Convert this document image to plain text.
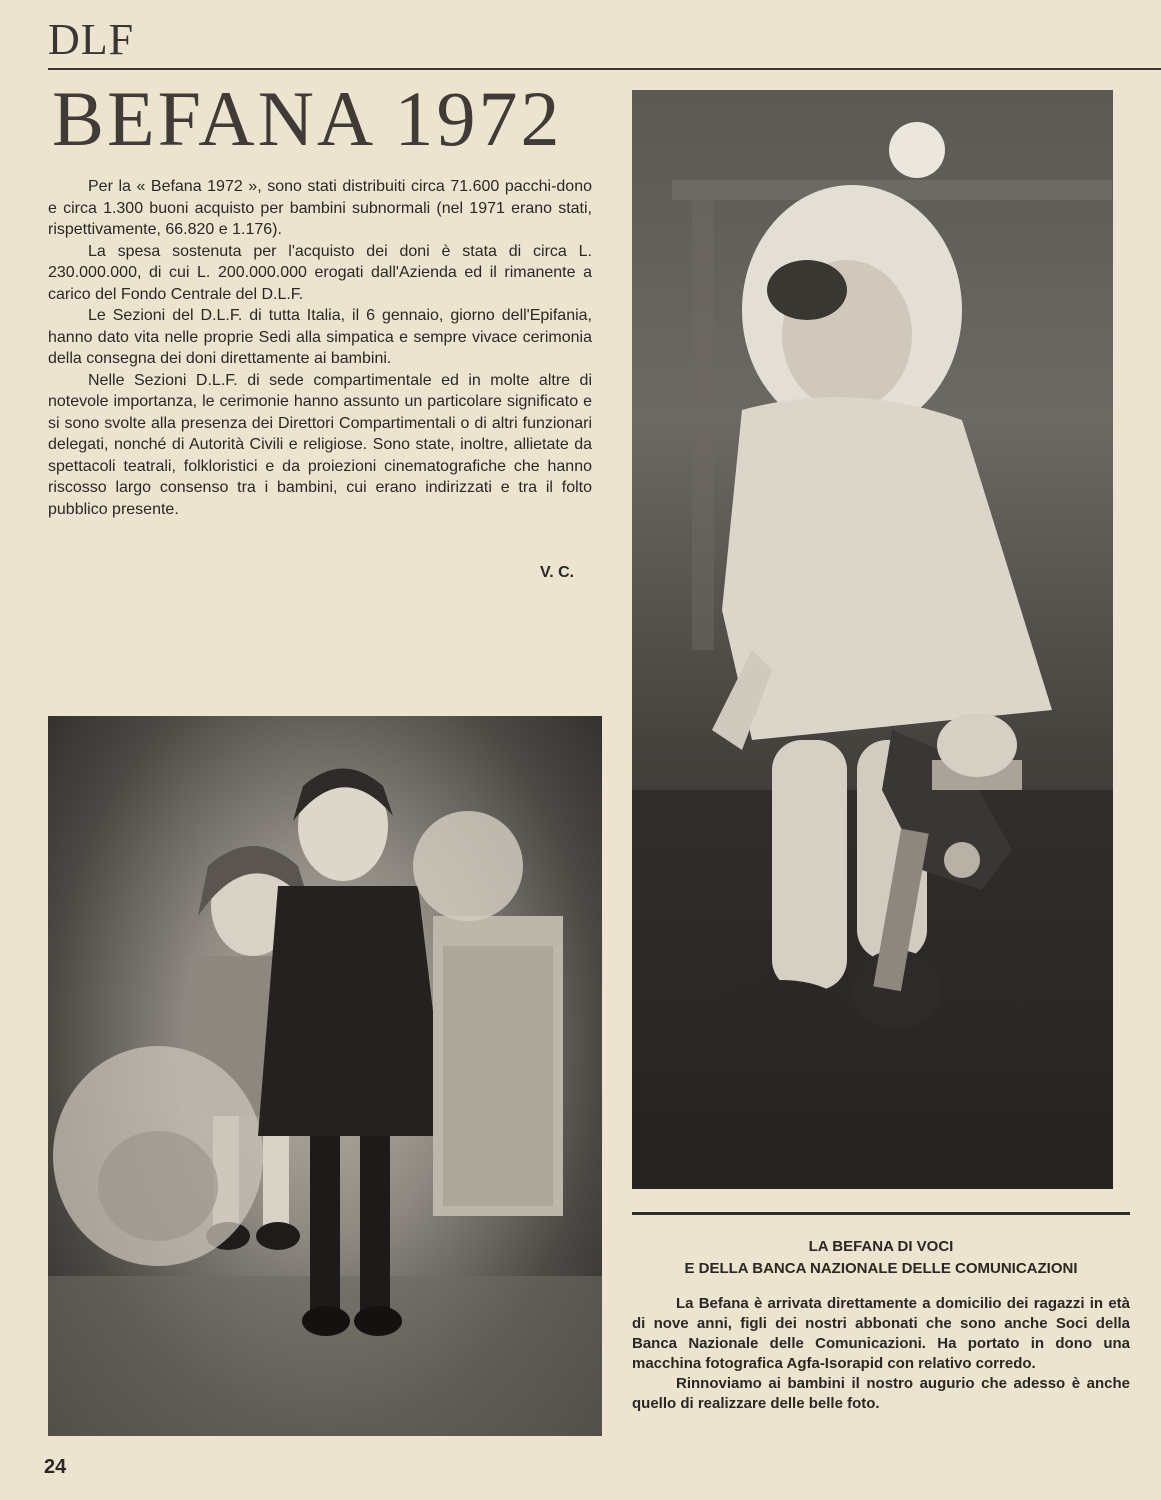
DLF
BEFANA 1972

Per la « Befana 1972 », sono stati distribuiti circa 71.600 pacchi-dono e circa 1.300 buoni acquisto per bambini subnormali (nel 1971 erano stati, rispettivamente, 66.820 e 1.176).

La spesa sostenuta per l'acquisto dei doni è stata di circa L. 230.000.000, di cui L. 200.000.000 erogati dall'Azienda ed il rimanente a carico del Fondo Centrale del D.L.F.

Le Sezioni del D.L.F. di tutta Italia, il 6 gennaio, giorno dell'Epifania, hanno dato vita nelle proprie Sedi alla simpatica e sempre vivace cerimonia della consegna dei doni direttamente ai bambini.

Nelle Sezioni D.L.F. di sede compartimentale ed in molte altre di notevole importanza, le cerimonie hanno assunto un particolare significato e si sono svolte alla presenza dei Direttori Compartimentali o di altri funzionari delegati, nonché di Autorità Civili e religiose. Sono state, inoltre, allietate da spettacoli teatrali, folkloristici e da proiezioni cinematografiche che hanno riscosso largo consenso tra i bambini, cui erano indirizzati e tra il folto pubblico presente.

V. C.
LA BEFANA DI VOCI
E DELLA BANCA NAZIONALE DELLE COMUNICAZIONI

La Befana è arrivata direttamente a domicilio dei ragazzi in età di nove anni, figli dei nostri abbonati che sono anche Soci della Banca Nazionale delle Comunicazioni. Ha portato in dono una macchina fotografica Agfa-Isorapid con relativo corredo.

Rinnoviamo ai bambini il nostro augurio che adesso è anche quello di realizzare delle belle foto.

24
